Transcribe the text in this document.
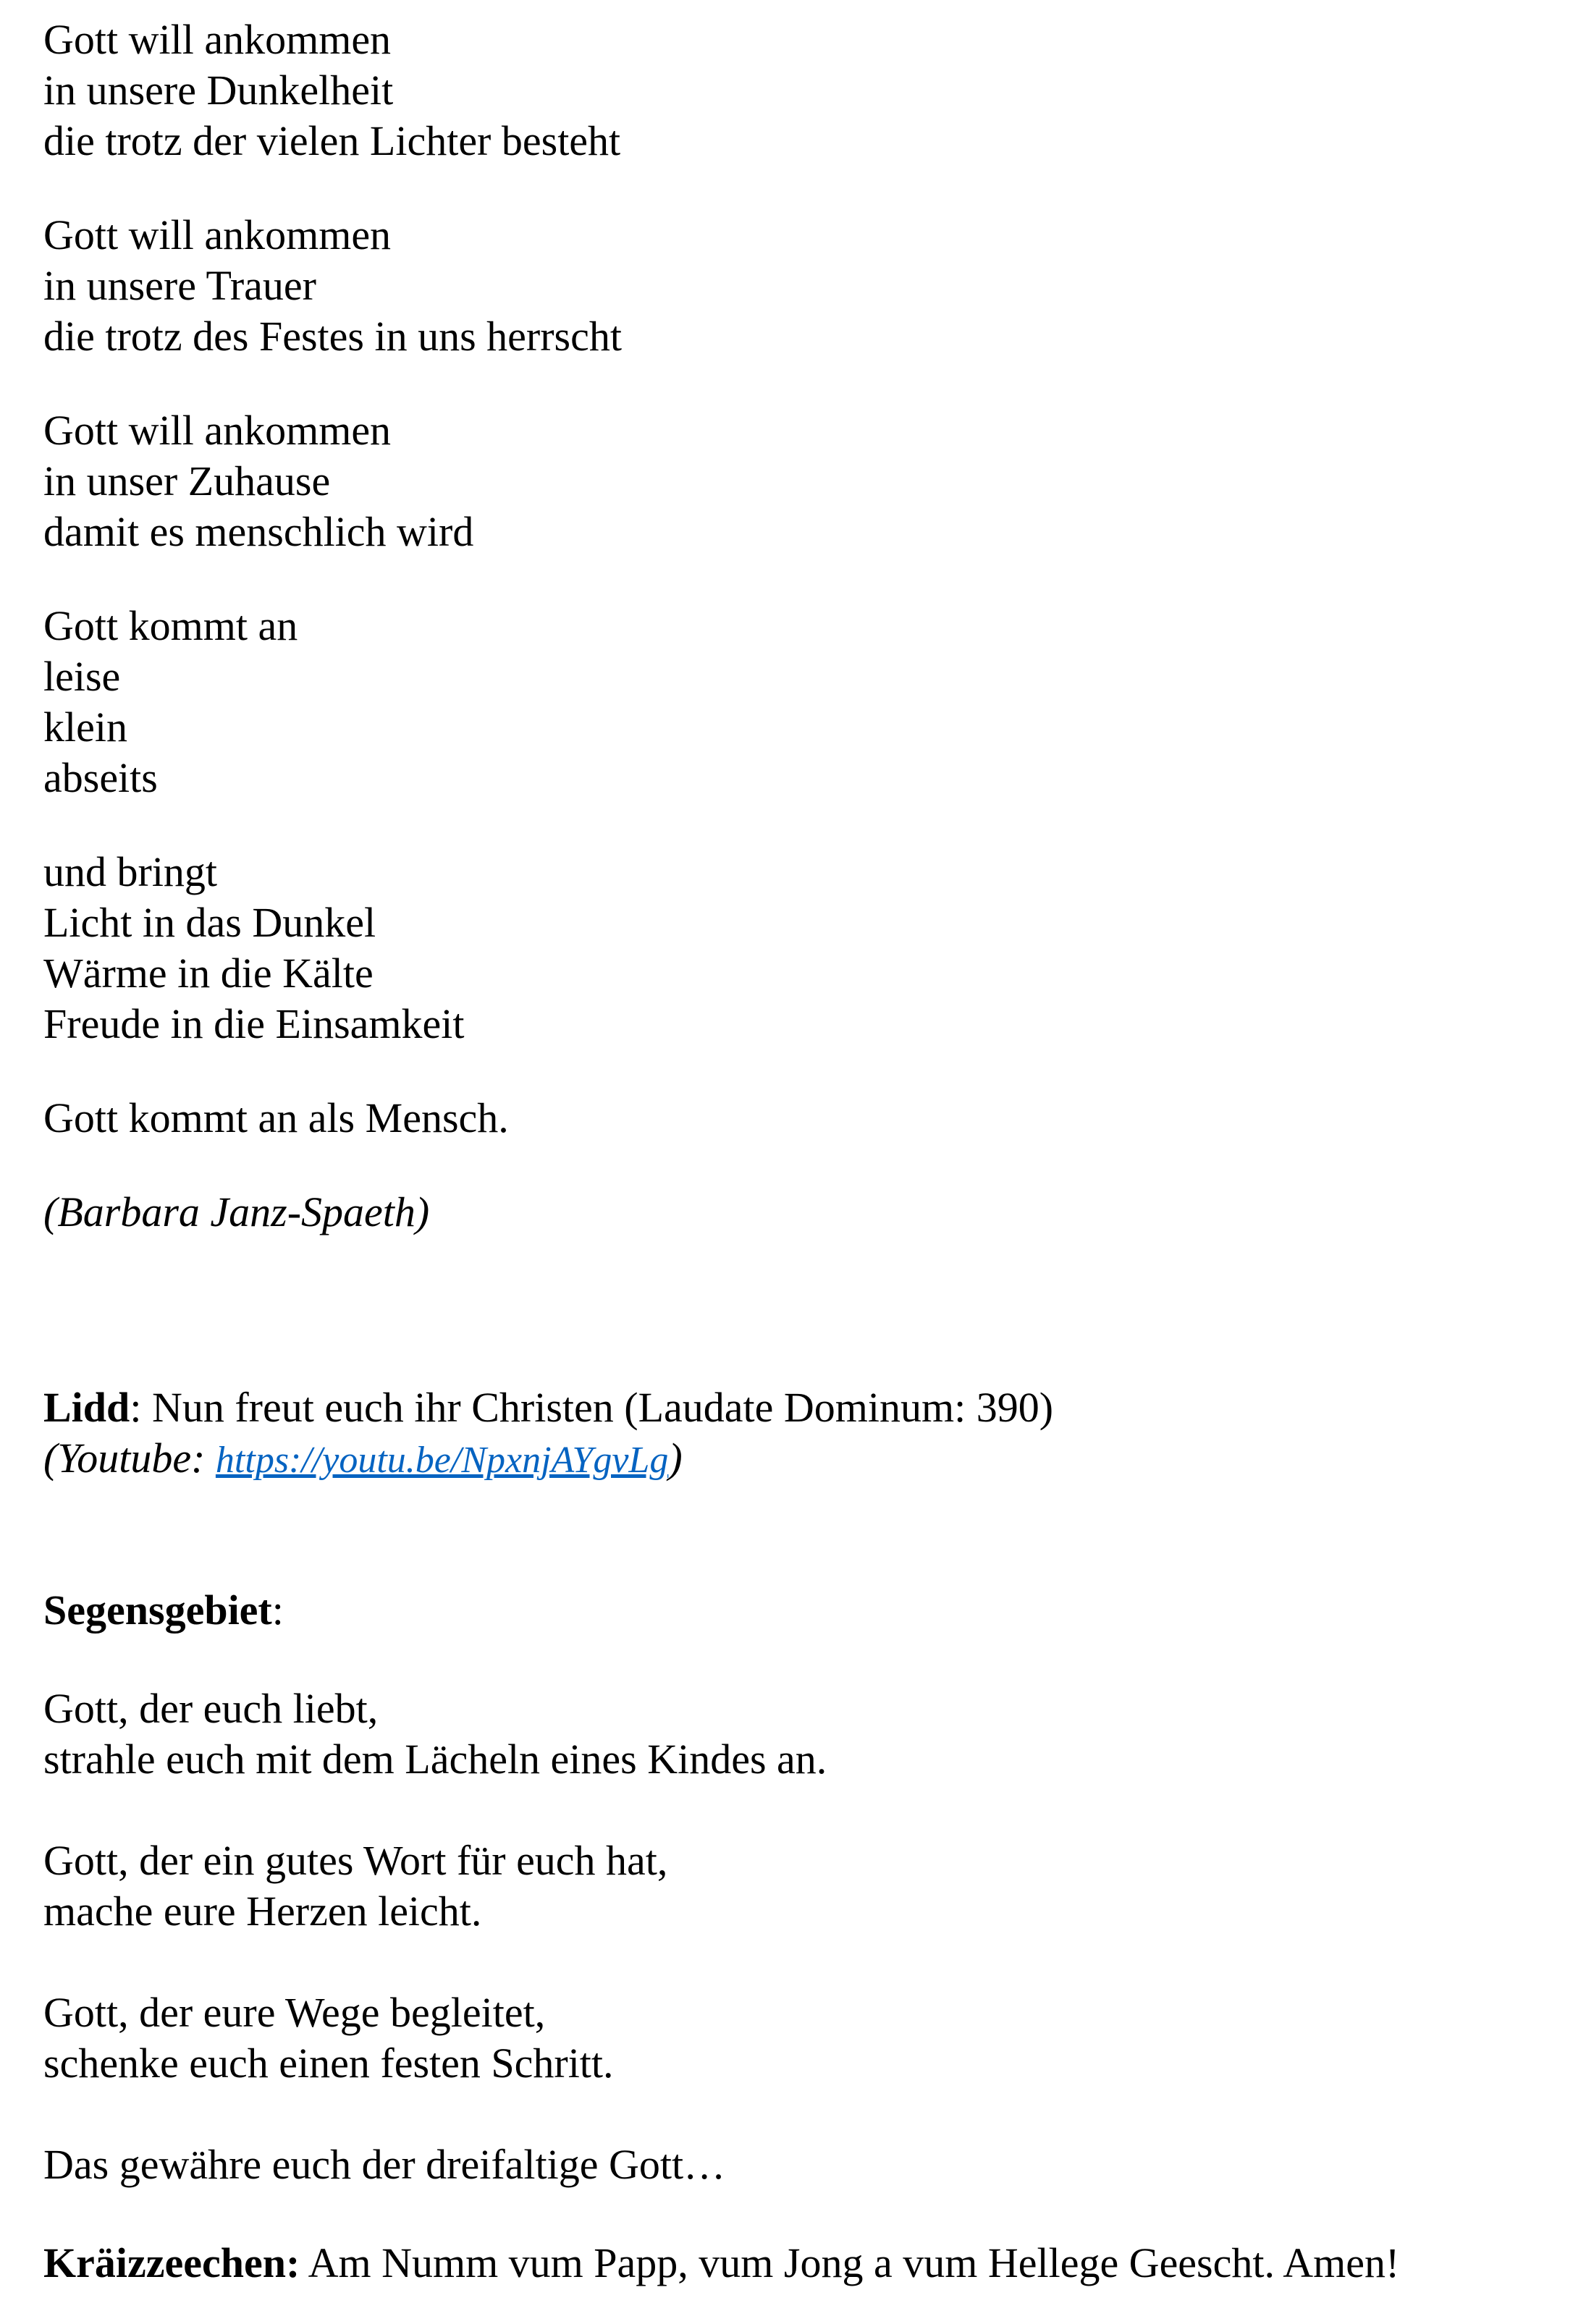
Gott will ankommen
in unsere Dunkelheit
die trotz der vielen Lichter besteht
Gott will ankommen
in unsere Trauer
die trotz des Festes in uns herrscht
Gott will ankommen
in unser Zuhause
damit es menschlich wird
Gott kommt an
leise
klein
abseits
und bringt
Licht in das Dunkel
Wärme in die Kälte
Freude in die Einsamkeit
Gott kommt an als Mensch.
(Barbara Janz-Spaeth)
Lidd: Nun freut euch ihr Christen (Laudate Dominum: 390)
(Youtube: https://youtu.be/NpxnjAYgvLg)
Segensgebiet:
Gott, der euch liebt,
strahle euch mit dem Lächeln eines Kindes an.
Gott, der ein gutes Wort für euch hat,
mache eure Herzen leicht.
Gott, der eure Wege begleitet,
schenke euch einen festen Schritt.
Das gewähre euch der dreifaltige Gott…
Kräizzeechen: Am Numm vum Papp, vum Jong a vum Hellege Geescht. Amen!
